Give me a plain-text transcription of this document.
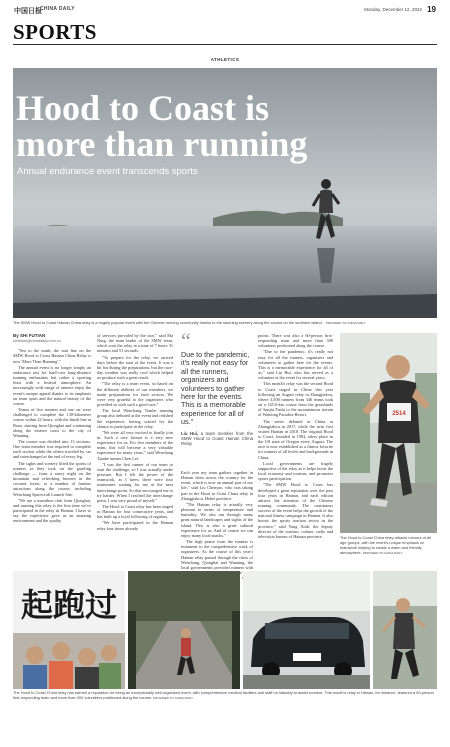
中国日报
CHINA DAILY	Monday, December 12, 2022 19
SPORTS
ATHLETICS
Hood to Coast is
more than running
Annual endurance event transcends sports
The SMW Hood to Coast Hainan China relay is a hugely popular event with the Chinese running community thanks to the stunning scenery along the course on the southern island. PROVIDED TO CHINA DAILY
By SHI FUTIAN
shifutian@chinadaily.com.cn

"Sea to the south, the start line on the SMW Hood to Coast Hainan China Relay is now 'More Than Running'."

The annual event is no longer simply an endurance test for hard-core long-distance running enthusiasts but rather a sporting feast with a festival atmosphere. An increasingly wide range of runners enjoy the event's unique appeal thanks to its emphasis on team spirit and the natural beauty of the course.

Teams of five runners and one car were challenged to complete the 138-kilometer course within 22 hours, with the finish line at Boao, starting from Qionghai and continuing along the eastern coast to the city of Wanning.

The course was divided into 13 sections. One team member was required to complete each section while the others traveled by car and interchanged at the end of every leg.

The sights and scenery lifted the spirits of runners as they took on the grueling challenge — from a starry night on the mountain and refreshing breezes in the coconut forest, to a number of famous attractions along the course, including Wenchang Spacecraft Launch Site.

"We are a marathon club from Qionghai, and running this relay is the first time we've participated in the relay in Hainan. I have to say the experience gave us an amazing environment and the quality

of services provided by the race," said Ma Ning, the team leader of the SMW team, which won the relay in a time of 7 hours 31 minutes and 51 seconds.

"To prepare for the relay, we arrived days before the start of the event. It was a bit hot during the preparations, but the race-day weather was really cool which helped us produce such a great result.

"The relay is a team event, so based on the different abilities of our members, we made preparations for each section. We were very grateful to the organizers who provided us with such a good race."

The local Wenchang Tianhe running group also debuted at the event and relished the experience, having waited for the chance to participate in the relay.

"We were all very excited to finally join in. Such a race format is a very new experience for us. For five members of the team, this will become a very valuable experience for many years," said Wenchang Tianhe runner Chen Lei.

"I was the first runner of our team to start the challenge, so I was actually under pressure. But I felt the power of the teamwork, as I knew there were four teammates waiting for me at the next interchange point. So that encouraged me to try harder. When I reached the interchange point, I was very proud of myself."

The Hood to Coast relay has been staged in Hainan for four consecutive years, and has built up a loyal following of regulars.

"We have participated in the Hainan relay four times already.

“
Due to the pandemic, it's really not easy for all the runners, organizers and volunteers to gather here for the events. This is a memorable experience for all of us."
Liu Hui, a team member from the SMW Hood to Coast Hainan China Relay

Each year my team gathers together in Hainan from across the country for the event, which is now an annual part of our life," said Liu Chenyao, who was taking part in the Hood to Coast China relay in Zhangjiakou, Hebei province.

"The Hainan relay is actually very pleasant in terms of temperature and humidity. We also ran through many great natural landscapes and sights of the island. This is also a great cultural experience for us. And of course we can enjoy many local snacks."

The high praise from the runners is testament to the comprehensive work of organizers. As the course of this year's Hainan relay passed through the cities of Wenchang, Qionghai and Wanning, the local governments provided runners with

points. There was also a 60-person first-responding team and more than 300 volunteers positioned along the course.

"Due to the pandemic, it's really not easy for all the runners, organizers and volunteers to gather here for the events. This is a memorable experience for all of us," said Liu Hui, who has served as a volunteer at the event for several years.

This month's relay was the second Hood to Coast staged in China this year following an August relay in Zhangjiakou, where 3,500 runners from 346 teams took on a 145.6-km course from the grasslands of Sanjia Fushi to the mountainous terrain of Wanlong Paradise Resort.

The series debuted in China at Zhangjiakou in 2017, while the twin first visited Hainan in 2018. The original Hood to Coast, founded in 1982, takes place in the US state of Oregon every August. The race is now established as a fitness favorite for runners of all levels and backgrounds in China.

Local governments are hugely supportive of the relay as it helps boost the local economy and tourism, and promotes sports participation.

"The SMW Hood to Coast has developed a great reputation over the past four years in Hainan, and each edition attracts the attention of the Chinese running community. The continuous success of the event helps the growth of the national fitness campaign in Hainan. It also boosts the sports tourism sector in the province," said Yang Xinli, the deputy director of the tourism, culture, radio and television bureau of Hainan province.

2514
The Hood to Coast China relay attracts runners of all age groups, with the event's unique emphasis on teamwork helping to create a warm and friendly atmosphere. PROVIDED TO CHINA DAILY
起跑过
The Hood to Coast China relay has earned a reputation for being an exceptionally well-organized event, with comprehensive medical facilities and staff on standby to assist runners. This month's relay in Hainan, for instance, featured a 60-person first-responding team and more than 300 volunteers positioned along the course. PROVIDED TO CHINA DAILY
